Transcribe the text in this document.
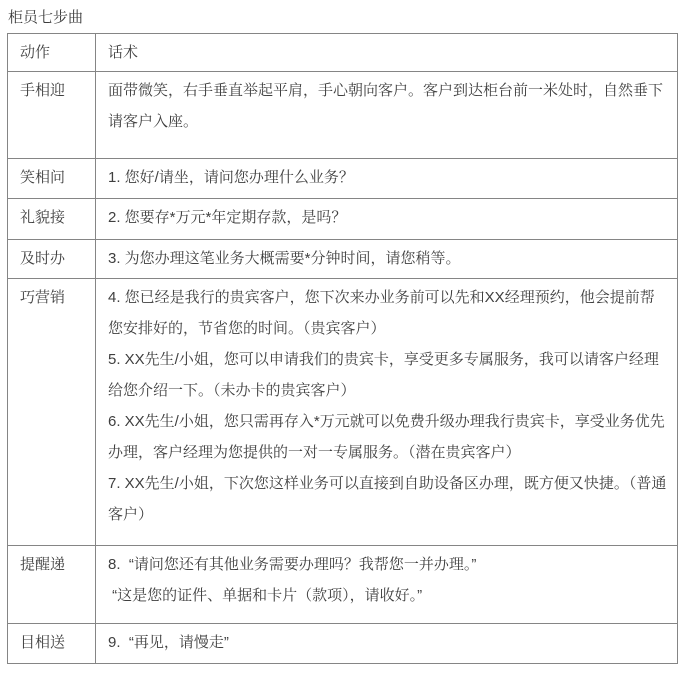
柜员七步曲
动作	话术
手相迎	面带微笑，右手垂直举起平肩，手心朝向客户。客户到达柜台前一米处时，自然垂下请客户入座。

笑相问	1. 您好/请坐，请问您办理什么业务？

礼貌接	2. 您要存*万元*年定期存款，是吗？

及时办	3. 为您办理这笔业务大概需要*分钟时间，请您稍等。

巧营销	4. 您已经是我行的贵宾客户，您下次来办业务前可以先和XX经理预约，他会提前帮您安排好的，节省您的时间。（贵宾客户）

5. XX先生/小姐，您可以申请我们的贵宾卡，享受更多专属服务，我可以请客户经理给您介绍一下。（未办卡的贵宾客户）

6. XX先生/小姐，您只需再存入*万元就可以免费升级办理我行贵宾卡，享受业务优先办理，客户经理为您提供的一对一专属服务。（潜在贵宾客户）

7. XX先生/小姐，下次您这样业务可以直接到自助设备区办理，既方便又快捷。（普通客户）

提醒递	8.  “请问您还有其他业务需要办理吗？我帮您一并办理。”

“这是您的证件、单据和卡片（款项），请收好。”

目相送	9.  “再见，请慢走”
